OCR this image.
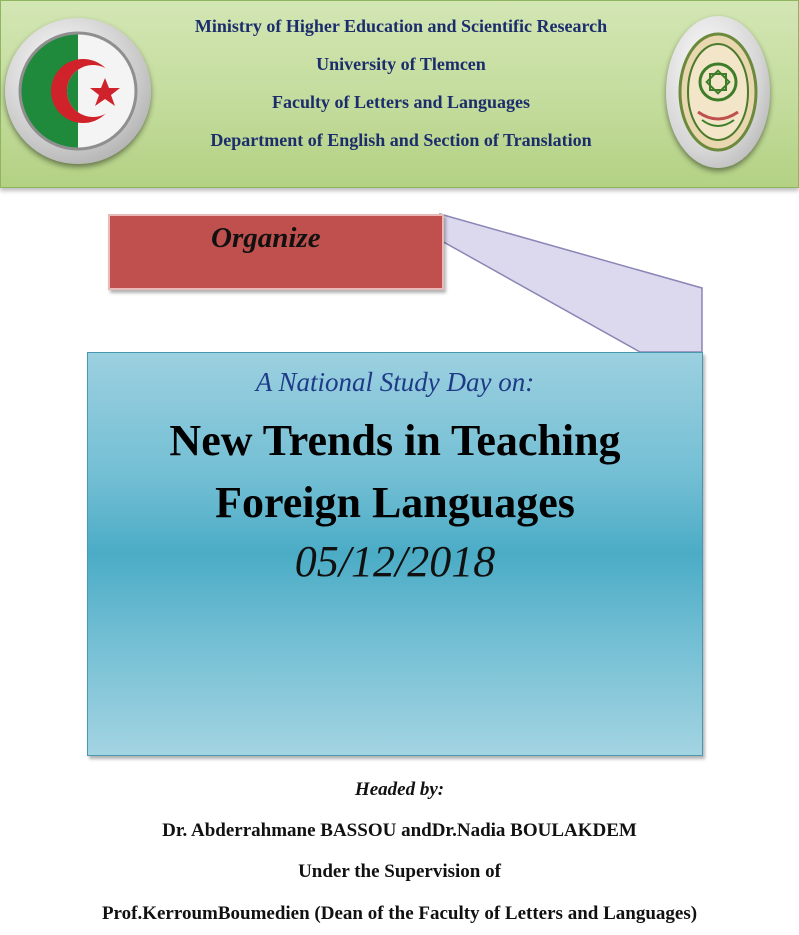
Ministry of Higher Education and Scientific Research
University of Tlemcen
Faculty of Letters and Languages
Department of English and Section of Translation
Organize
A National Study Day on:
New Trends in Teaching
Foreign Languages
05/12/2018
Headed by:
Dr. Abderrahmane BASSOU andDr.Nadia BOULAKDEM
Under the Supervision of
Prof.KerroumBoumedien (Dean of the Faculty of Letters and Languages)
